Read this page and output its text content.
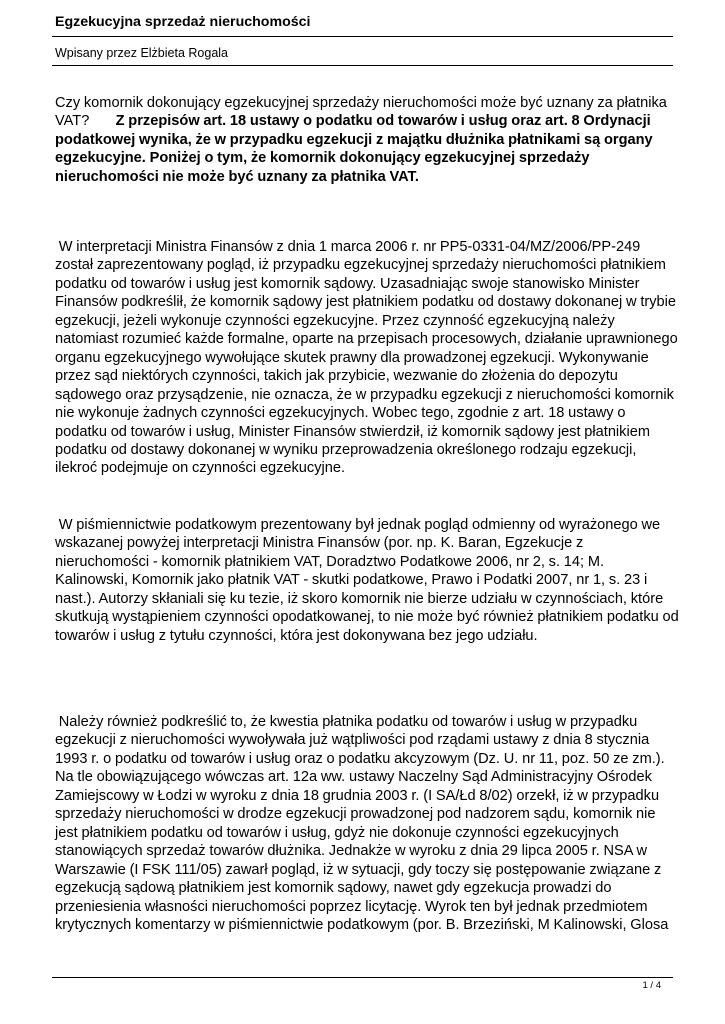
Egzekucyjna sprzedaż nieruchomości
Wpisany przez Elżbieta Rogala

Czy komornik dokonujący egzekucyjnej sprzedaży nieruchomości może być uznany za płatnika VAT? Z przepisów art. 18 ustawy o podatku od towarów i usług oraz art. 8 Ordynacji podatkowej wynika, że w przypadku egzekucji z majątku dłużnika płatnikami są organy egzekucyjne. Poniżej o tym, że komornik dokonujący egzekucyjnej sprzedaży nieruchomości nie może być uznany za płatnika VAT.

W interpretacji Ministra Finansów z dnia 1 marca 2006 r. nr PP5-0331-04/MZ/2006/PP-249 został zaprezentowany pogląd, iż przypadku egzekucyjnej sprzedaży nieruchomości płatnikiem podatku od towarów i usług jest komornik sądowy. Uzasadniając swoje stanowisko Minister Finansów podkreślił, że komornik sądowy jest płatnikiem podatku od dostawy dokonanej w trybie egzekucji, jeżeli wykonuje czynności egzekucyjne. Przez czynność egzekucyjną należy natomiast rozumieć każde formalne, oparte na przepisach procesowych, działanie uprawnionego organu egzekucyjnego wywołujące skutek prawny dla prowadzonej egzekucji. Wykonywanie przez sąd niektórych czynności, takich jak przybicie, wezwanie do złożenia do depozytu sądowego oraz przysądzenie, nie oznacza, że w przypadku egzekucji z nieruchomości komornik nie wykonuje żadnych czynności egzekucyjnych. Wobec tego, zgodnie z art. 18 ustawy o podatku od towarów i usług, Minister Finansów stwierdził, iż komornik sądowy jest płatnikiem podatku od dostawy dokonanej w wyniku przeprowadzenia określonego rodzaju egzekucji, ilekroć podejmuje on czynności egzekucyjne.

W piśmiennictwie podatkowym prezentowany był jednak pogląd odmienny od wyrażonego we wskazanej powyżej interpretacji Ministra Finansów (por. np. K. Baran, Egzekucje z nieruchomości - komornik płatnikiem VAT, Doradztwo Podatkowe 2006, nr 2, s. 14; M. Kalinowski, Komornik jako płatnik VAT - skutki podatkowe, Prawo i Podatki 2007, nr 1, s. 23 i nast.). Autorzy skłaniali się ku tezie, iż skoro komornik nie bierze udziału w czynnościach, które skutkują wystąpieniem czynności opodatkowanej, to nie może być również płatnikiem podatku od towarów i usług z tytułu czynności, która jest dokonywana bez jego udziału.

Należy również podkreślić to, że kwestia płatnika podatku od towarów i usług w przypadku egzekucji z nieruchomości wywoływała już wątpliwości pod rządami ustawy z dnia 8 stycznia 1993 r. o podatku od towarów i usług oraz o podatku akcyzowym (Dz. U. nr 11, poz. 50 ze zm.). Na tle obowiązującego wówczas art. 12a ww. ustawy Naczelny Sąd Administracyjny Ośrodek Zamiejscowy w Łodzi w wyroku z dnia 18 grudnia 2003 r. (I SA/Łd 8/02) orzekł, iż w przypadku sprzedaży nieruchomości w drodze egzekucji prowadzonej pod nadzorem sądu, komornik nie jest płatnikiem podatku od towarów i usług, gdyż nie dokonuje czynności egzekucyjnych stanowiących sprzedaż towarów dłużnika. Jednakże w wyroku z dnia 29 lipca 2005 r. NSA w Warszawie (I FSK 111/05) zawarł pogląd, iż w sytuacji, gdy toczy się postępowanie związane z egzekucją sądową płatnikiem jest komornik sądowy, nawet gdy egzekucja prowadzi do przeniesienia własności nieruchomości poprzez licytację. Wyrok ten był jednak przedmiotem krytycznych komentarzy w piśmiennictwie podatkowym (por. B. Brzeziński, M Kalinowski, Glosa

1 / 4
